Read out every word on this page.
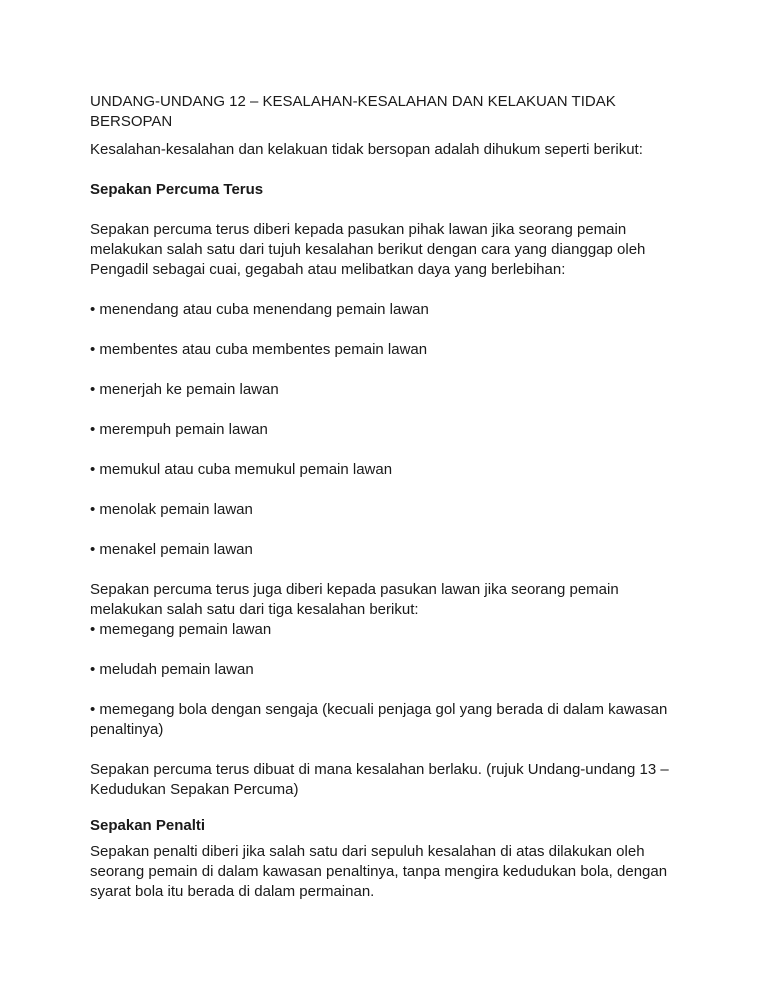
UNDANG-UNDANG 12 – KESALAHAN-KESALAHAN DAN KELAKUAN TIDAK BERSOPAN

Kesalahan-kesalahan dan kelakuan tidak bersopan adalah dihukum seperti berikut:

Sepakan Percuma Terus

Sepakan percuma terus diberi kepada pasukan pihak lawan jika seorang pemain melakukan salah satu dari tujuh kesalahan berikut dengan cara yang dianggap oleh Pengadil sebagai cuai, gegabah atau melibatkan daya yang berlebihan:

• menendang atau cuba menendang pemain lawan

• membentes atau cuba membentes pemain lawan

• menerjah ke pemain lawan

• merempuh pemain lawan

• memukul atau cuba memukul pemain lawan

• menolak pemain lawan

• menakel pemain lawan

Sepakan percuma terus juga diberi kepada pasukan lawan jika seorang pemain melakukan salah satu dari tiga kesalahan berikut:

• memegang pemain lawan

• meludah pemain lawan

• memegang bola dengan sengaja (kecuali penjaga gol yang berada di dalam kawasan penaltinya)

Sepakan percuma terus dibuat di mana kesalahan berlaku. (rujuk Undang-undang 13 – Kedudukan Sepakan Percuma)

Sepakan Penalti

Sepakan penalti diberi jika salah satu dari sepuluh kesalahan di atas dilakukan oleh seorang pemain di dalam kawasan penaltinya, tanpa mengira kedudukan bola, dengan syarat bola itu berada di dalam permainan.
